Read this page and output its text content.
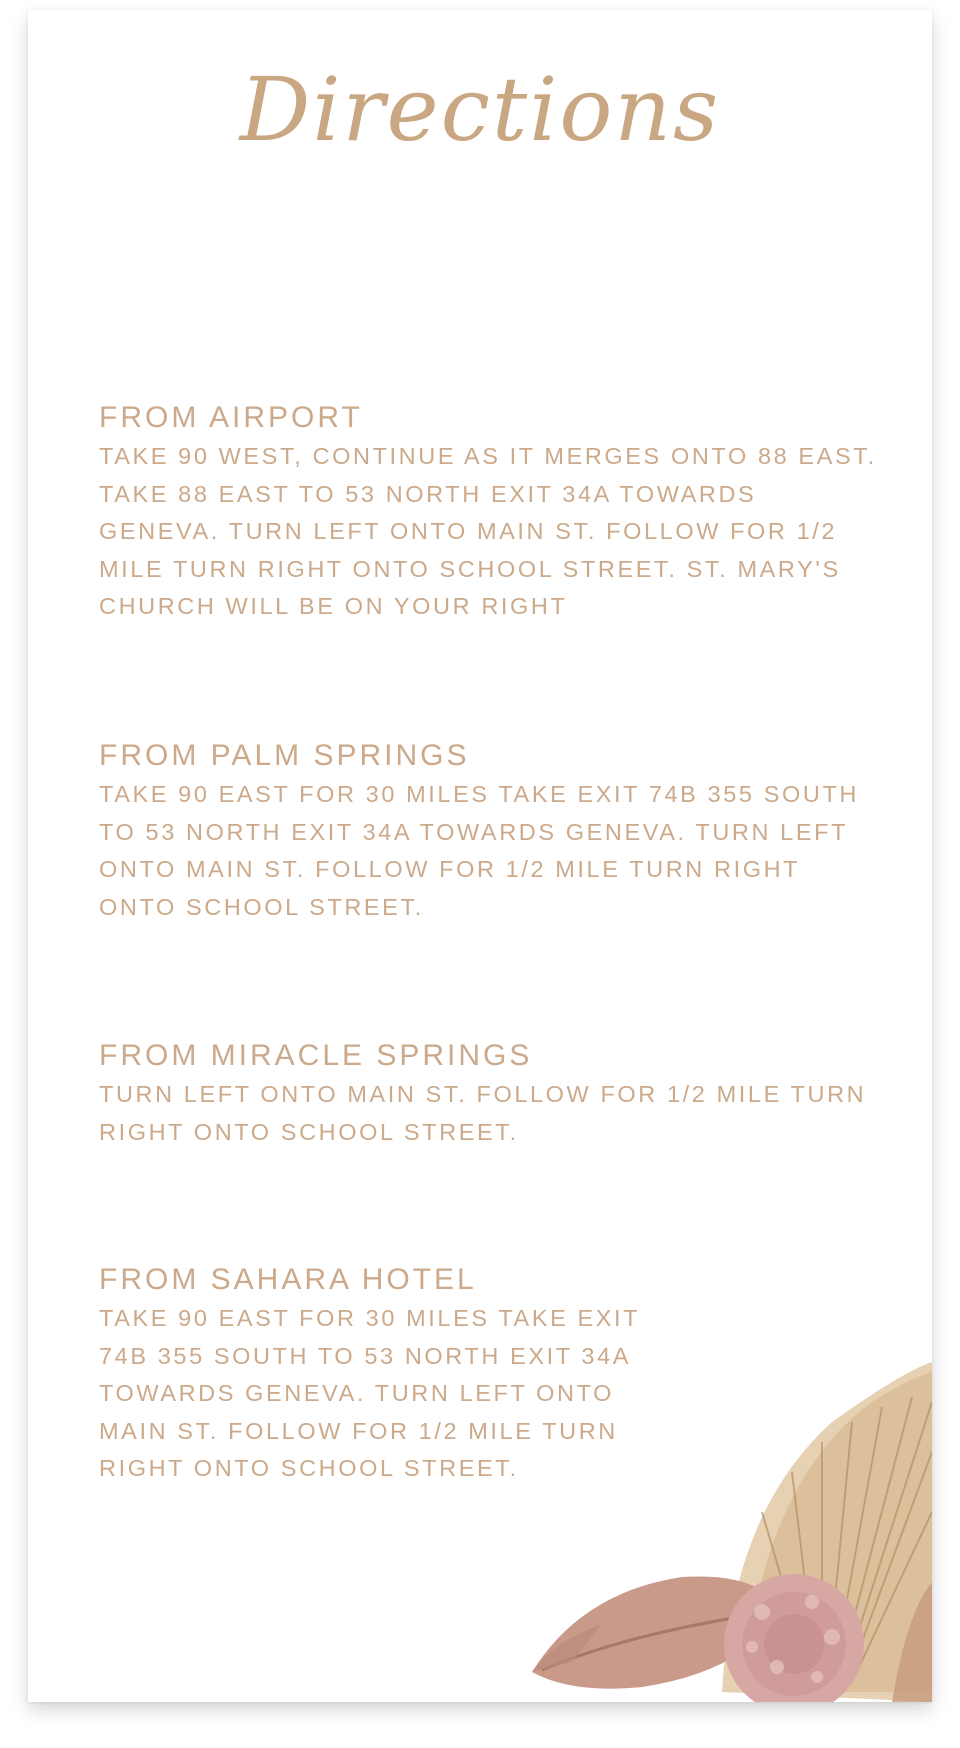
Directions
FROM AIRPORT

TAKE 90 WEST, CONTINUE AS IT MERGES ONTO 88 EAST. TAKE 88 EAST TO 53 NORTH EXIT 34A TOWARDS GENEVA. TURN LEFT ONTO MAIN ST. FOLLOW FOR 1/2 MILE TURN RIGHT ONTO SCHOOL STREET. ST. MARY'S CHURCH WILL BE ON YOUR RIGHT

FROM PALM SPRINGS

TAKE 90 EAST FOR 30 MILES TAKE EXIT 74B 355 SOUTH TO 53 NORTH EXIT 34A TOWARDS GENEVA. TURN LEFT ONTO MAIN ST. FOLLOW FOR 1/2 MILE TURN RIGHT ONTO SCHOOL STREET.

FROM MIRACLE SPRINGS

TURN LEFT ONTO MAIN ST. FOLLOW FOR 1/2 MILE TURN RIGHT ONTO SCHOOL STREET.

FROM SAHARA HOTEL

TAKE 90 EAST FOR 30 MILES TAKE EXIT 74B 355 SOUTH TO 53 NORTH EXIT 34A TOWARDS GENEVA. TURN LEFT ONTO MAIN ST. FOLLOW FOR 1/2 MILE TURN RIGHT ONTO SCHOOL STREET.
